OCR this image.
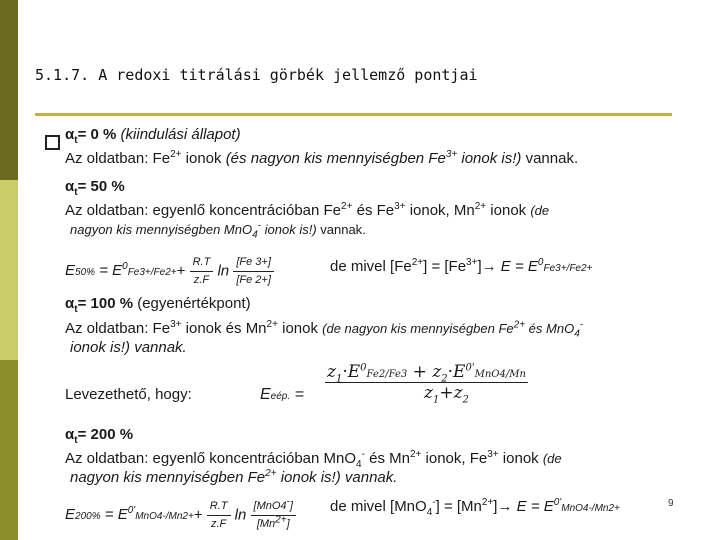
5.1.7. A redoxi titrálási görbék jellemző pontjai
$\alpha_t= 0$ % (kiindulási állapot)
Az oldatban: $Fe^{2+}$ ionok (és nagyon kis mennyiségben $Fe^{3+}$ ionok is!) vannak.
$\alpha_t= 50$ %
Az oldatban: egyenlő koncentrációban $Fe^{2+}$ és $Fe^{3+}$ ionok, $Mn^{2+}$ ionok (de
nagyon kis mennyiségben MnO$_4$- ionok is!) vannak.
$E50\% = E^0Fe3+/Fe2++ \frac{R.T}{z.F}$ $\ln \frac{[Fe 3+]}{[Fe 2+]}$	de mivel $[Fe^{2+}] = [Fe^{3+}]\to E = E^0Fe3+/Fe2+$
$\alpha_t= 100$ % (egyenértékpont)
Az oldatban: $Fe^{3+}$ ionok és $Mn^{2+}$ ionok (de nagyon kis mennyiségben $Fe^{2+}$ és MnO$_4$-
ionok is!) vannak.
Levezethető, hogy:	Eeép. =
$z_1\cdot E^0Fe2/Fe3 + z_2\cdot E^{0'}MnO4/Mn$
$z_1+z_2$
$\alpha_t= 200$ %
Az oldatban: egyenlő koncentrációban MnO$_4$- és $Mn^{2+}$ ionok, $Fe^{3+}$ ionok (de
nagyon kis mennyiségben $Fe^{2+}$ ionok is!) vannak.
$E200\% = E^{0'}MnO4-/Mn2++ \frac{R.T}{z.F}$ $\ln \frac{[MnO4^-]}{[Mn^{2+}]}$ de mivel $[MnO_4^-] = [Mn^{2+}]\to E = E^{0'}MnO4-/Mn2+$	9
